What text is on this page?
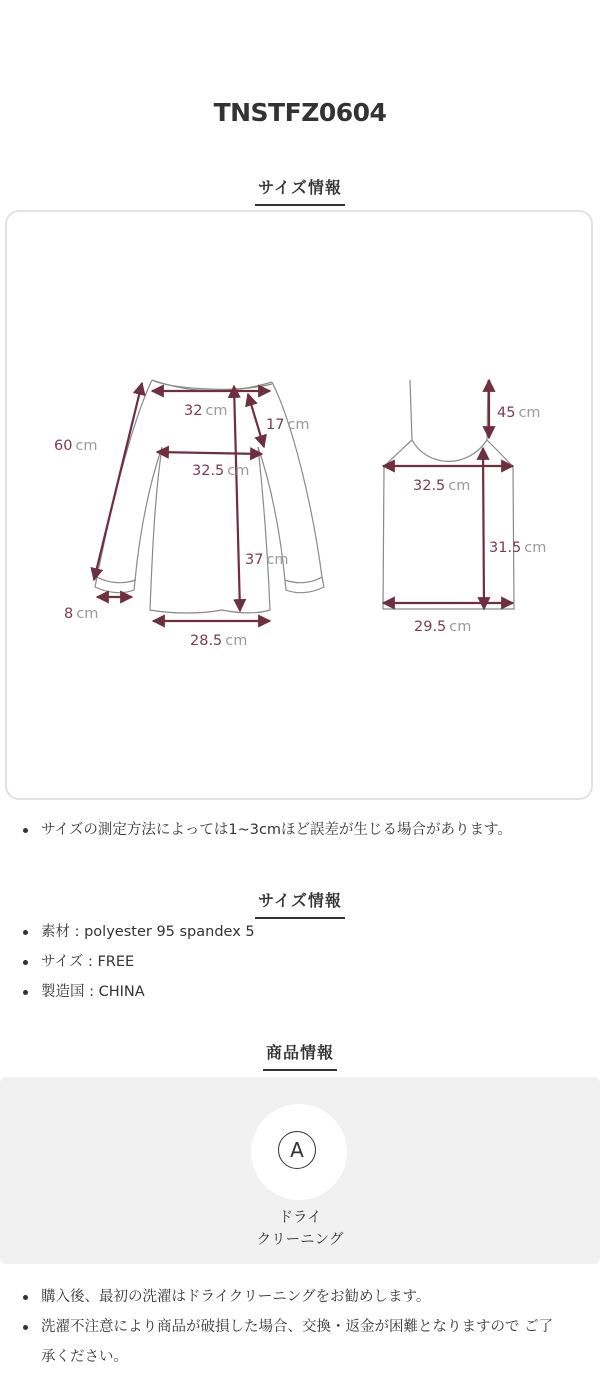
TNSTFZ0604
サイズ情報
60 cm
32 cm
17 cm
32.5 cm
37 cm
8 cm
28.5 cm
45 cm
32.5 cm
31.5 cm
29.5 cm
サイズの測定方法によっては1~3cmほど誤差が生じる場合があります。
サイズ情報
素材 : polyester 95 spandex 5
サイズ : FREE
製造国 : CHINA
商品情報
A
ドライ
クリーニング
購入後、最初の洗濯はドライクリーニングをお勧めします。
洗濯不注意により商品が破損した場合、交換・返金が困難となりますので ご了承ください。
